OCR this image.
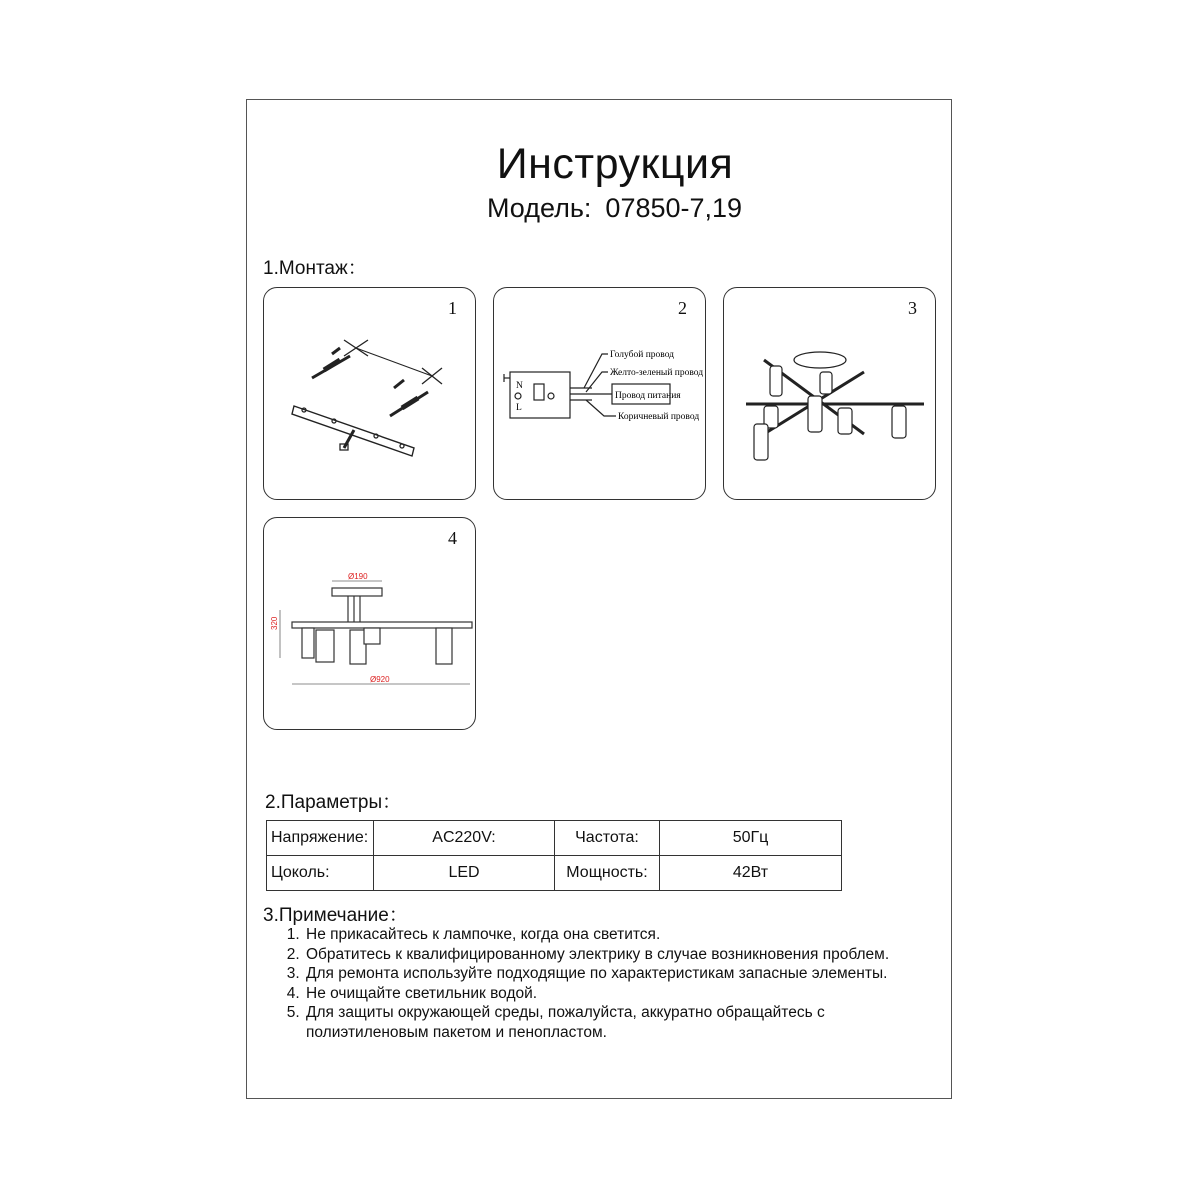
Инструкция
Модель: 07850-7,19
1.Монтаж：
1	2
Голубой провод
Желто-зеленый провод
Провод питания
Коричневый провод
N
L
3
4
Ø190
320
Ø920
2.Параметры：
Напряжение:	AC220V:	Частота:	50Гц
Цоколь:	LED	Мощность:	42Вт
3.Примечание：
1. Не прикасайтесь к лампочке, когда она светится.
2. Обратитесь к квалифицированному электрику в случае возникновения проблем.
3. Для ремонта используйте подходящие по характеристикам запасные элементы.
4. Не очищайте светильник водой.
5. Для защиты окружающей среды, пожалуйста, аккуратно обращайтесь с полиэтиленовым пакетом и пенопластом.
